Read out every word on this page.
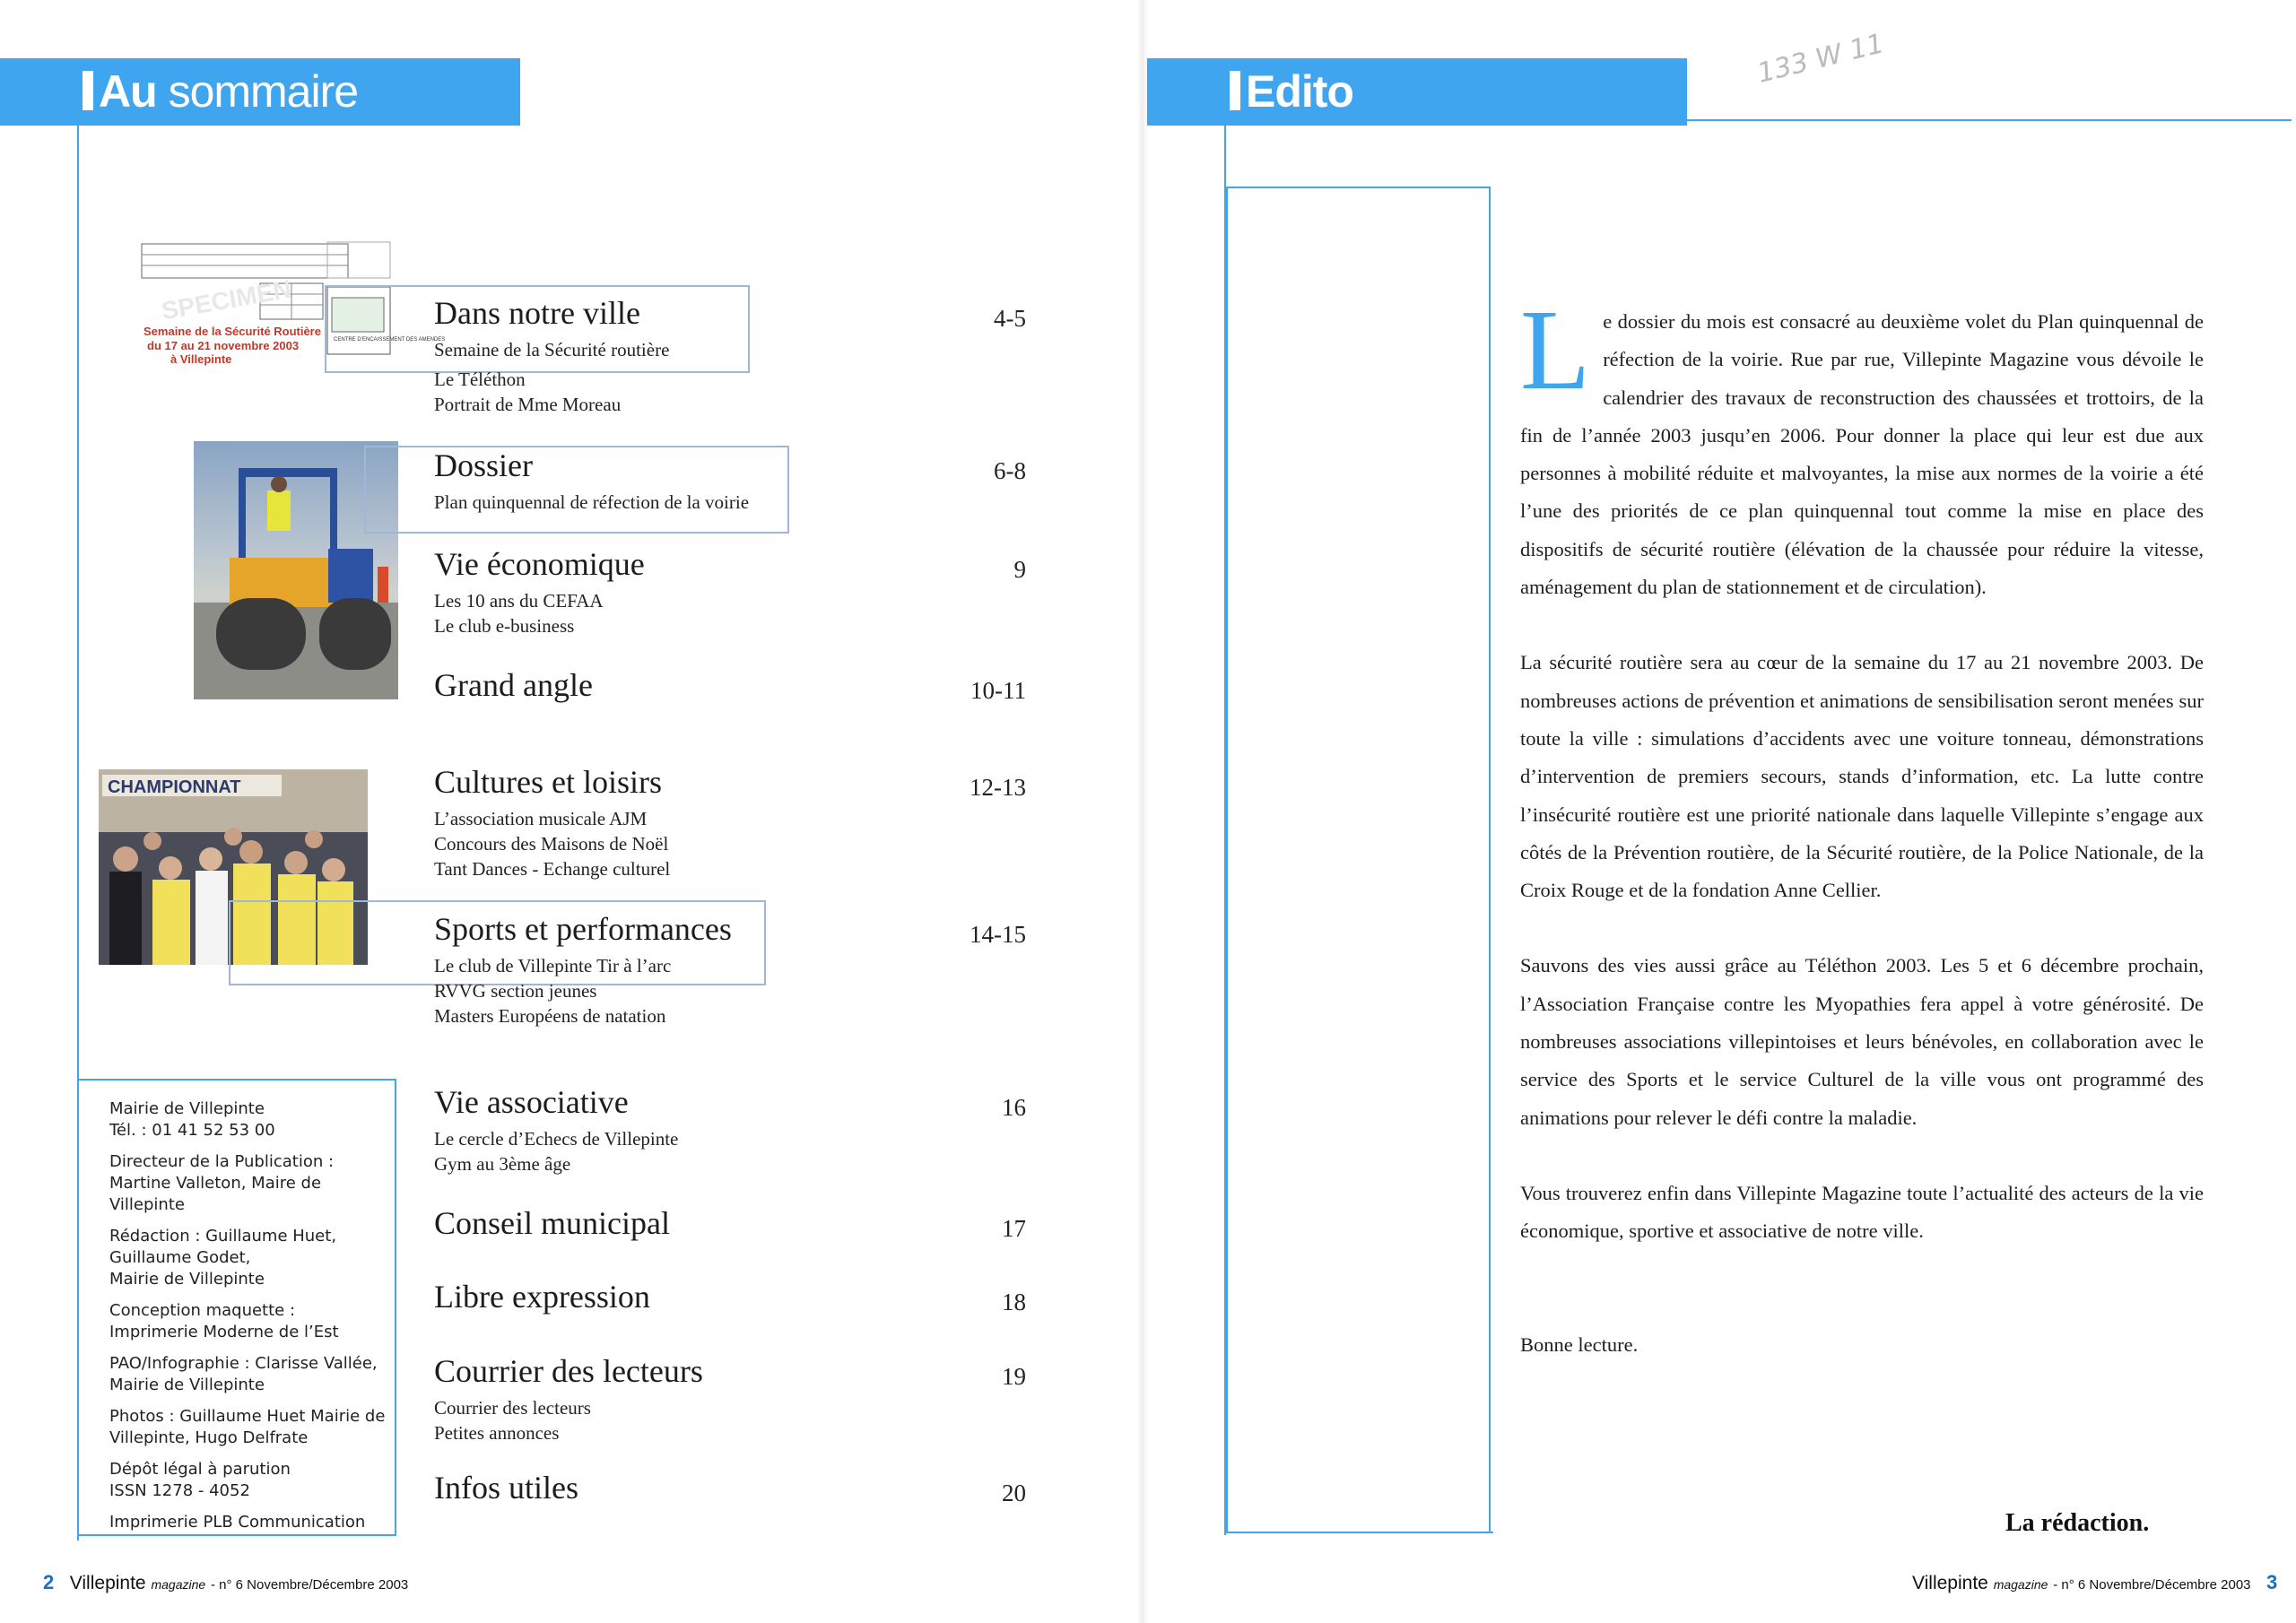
Au sommaire
Semaine de la Sécurité Routière
du 17 au 21 novembre 2003
à Villepinte
CENTRE D’ENCAISSEMENT DES AMENDES
SPECIMEN
CHAMPIONNAT
Dans notre ville
Semaine de la Sécurité routière
Le Téléthon
Portrait de Mme Moreau
4-5
Dossier
Plan quinquennal de réfection de la voirie
6-8
Vie économique
Les 10 ans du CEFAA
Le club e-business
9
Grand angle	10-11
Cultures et loisirs
L’association musicale AJM
Concours des Maisons de Noël
Tant Dances - Echange culturel
12-13
Sports et performances
Le club de Villepinte Tir à l’arc
RVVG section jeunes
Masters Européens de natation
14-15
Vie associative
Le cercle d’Echecs de Villepinte
Gym au 3ème âge
16
Conseil municipal	17
Libre expression	18
Courrier des lecteurs
Courrier des lecteurs
Petites annonces
19
Infos utiles	20

Mairie de Villepinte
Tél. : 01 41 52 53 00

Directeur de la Publication :
Martine Valleton, Maire de Villepinte

Rédaction : Guillaume Huet,
Guillaume Godet,
Mairie de Villepinte

Conception maquette :
Imprimerie Moderne de l’Est

PAO/Infographie : Clarisse Vallée,
Mairie de Villepinte

Photos : Guillaume Huet Mairie de
Villepinte, Hugo Delfrate

Dépôt légal à parution
ISSN 1278 - 4052

Imprimerie PLB Communication

2 Villepinte magazine - n° 6 Novembre/Décembre 2003
Edito
133 W 11

Le dossier du mois est consacré au deuxième volet du Plan quinquennal de réfection de la voirie. Rue par rue, Villepinte Magazine vous dévoile le calendrier des travaux de reconstruction des chaussées et trottoirs, de la fin de l’année 2003 jusqu’en 2006. Pour donner la place qui leur est due aux personnes à mobilité réduite et malvoyantes, la mise aux normes de la voirie a été l’une des priorités de ce plan quinquennal tout comme la mise en place des dispositifs de sécurité routière (élévation de la chaussée pour réduire la vitesse, aménagement du plan de stationnement et de circulation).

La sécurité routière sera au cœur de la semaine du 17 au 21 novembre 2003. De nombreuses actions de prévention et animations de sensibilisation seront menées sur toute la ville : simulations d’accidents avec une voiture tonneau, démonstrations d’intervention de premiers secours, stands d’information, etc. La lutte contre l’insécurité routière est une priorité nationale dans laquelle Villepinte s’engage aux côtés de la Prévention routière, de la Sécurité routière, de la Police Nationale, de la Croix Rouge et de la fondation Anne Cellier.

Sauvons des vies aussi grâce au Téléthon 2003. Les 5 et 6 décembre prochain, l’Association Française contre les Myopathies fera appel à votre générosité. De nombreuses associations villepintoises et leurs bénévoles, en collaboration avec le service des Sports et le service Culturel de la ville vous ont programmé des animations pour relever le défi contre la maladie.

Vous trouverez enfin dans Villepinte Magazine toute l’actualité des acteurs de la vie économique, sportive et associative de notre ville.

Bonne lecture.

La rédaction.
Villepinte magazine - n° 6 Novembre/Décembre 2003 3
